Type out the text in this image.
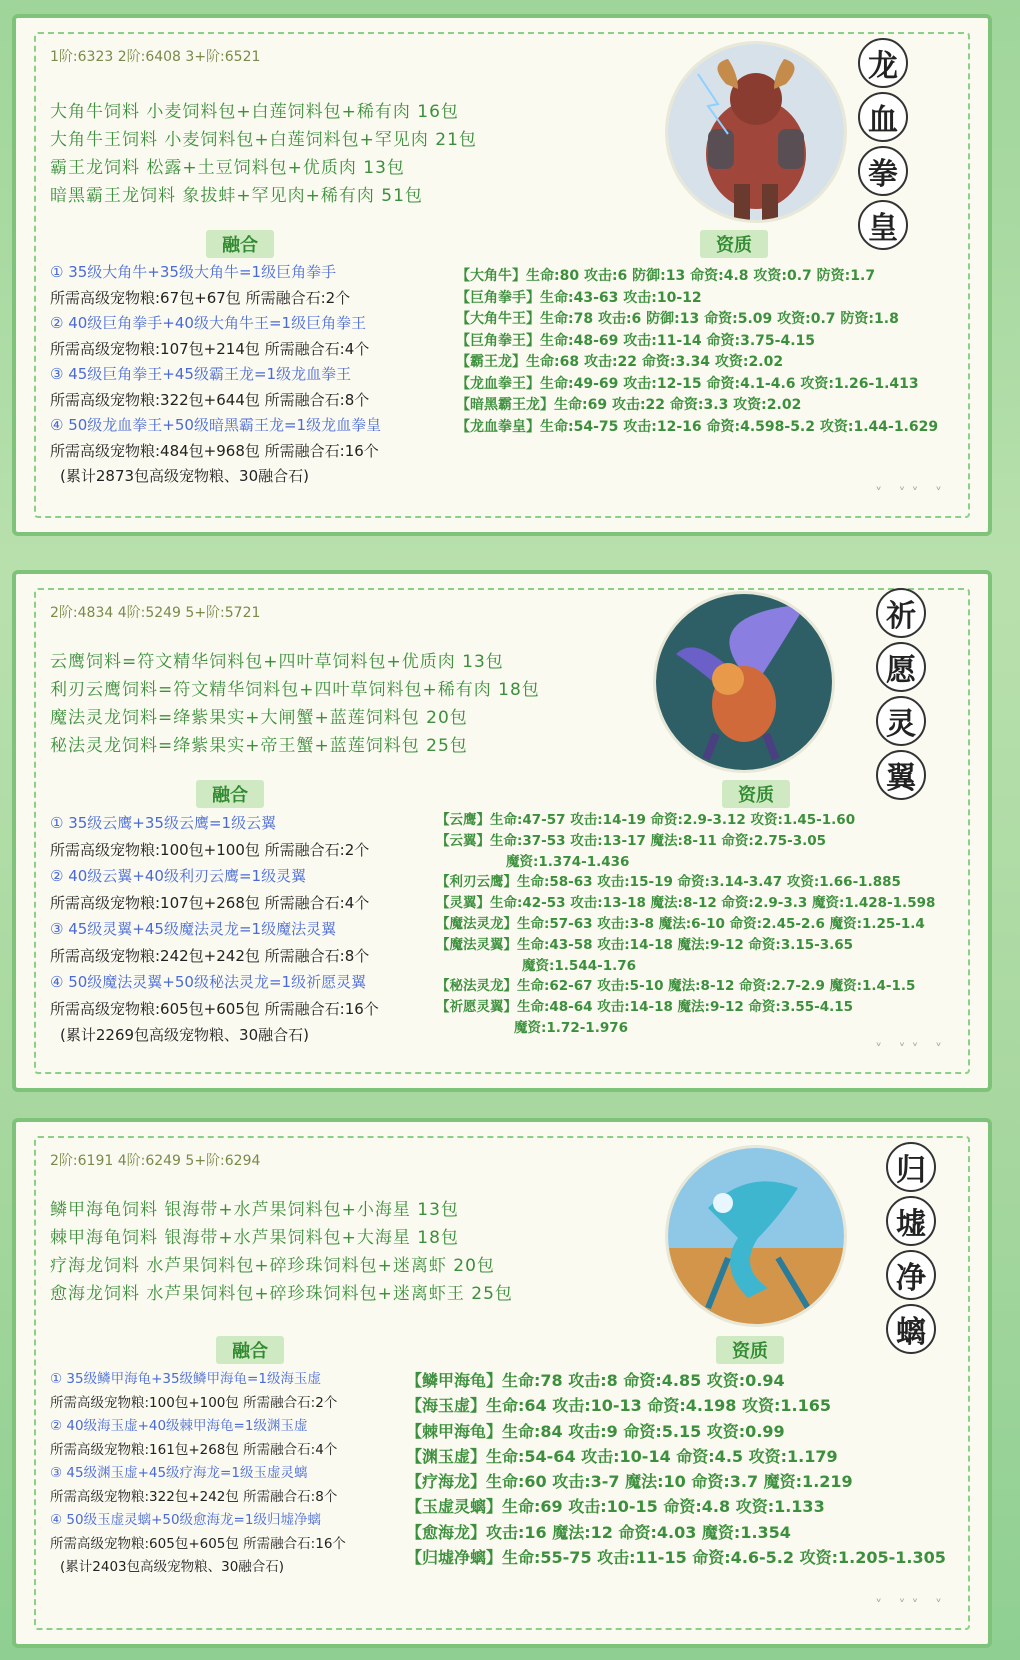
1阶:6323 2阶:6408 3+阶:6521
大角牛饲料 小麦饲料包+白莲饲料包+稀有肉 16包
大角牛王饲料 小麦饲料包+白莲饲料包+罕见肉 21包
霸王龙饲料 松露+土豆饲料包+优质肉 13包
暗黑霸王龙饲料 象拔蚌+罕见肉+稀有肉 51包
融合	资质
① 35级大角牛+35级大角牛=1级巨角拳手
所需高级宠物粮:67包+67包 所需融合石:2个
② 40级巨角拳手+40级大角牛王=1级巨角拳王
所需高级宠物粮:107包+214包 所需融合石:4个
③ 45级巨角拳王+45级霸王龙=1级龙血拳王
所需高级宠物粮:322包+644包 所需融合石:8个
④ 50级龙血拳王+50级暗黑霸王龙=1级龙血拳皇
所需高级宠物粮:484包+968包 所需融合石:16个
(累计2873包高级宠物粮、30融合石)
【大角牛】生命:80 攻击:6 防御:13 命资:4.8 攻资:0.7 防资:1.7
【巨角拳手】生命:43-63 攻击:10-12
【大角牛王】生命:78 攻击:6 防御:13 命资:5.09 攻资:0.7 防资:1.8
【巨角拳王】生命:48-69 攻击:11-14 命资:3.75-4.15
【霸王龙】生命:68 攻击:22 命资:3.34 攻资:2.02
【龙血拳王】生命:49-69 攻击:12-15 命资:4.1-4.6 攻资:1.26-1.413
【暗黑霸王龙】生命:69 攻击:22 命资:3.3 攻资:2.02
【龙血拳皇】生命:54-75 攻击:12-16 命资:4.598-5.2 攻资:1.44-1.629
龙
血
拳
皇
˅ ˅˅ ˅
2阶:4834 4阶:5249 5+阶:5721
云鹰饲料=符文精华饲料包+四叶草饲料包+优质肉 13包
利刃云鹰饲料=符文精华饲料包+四叶草饲料包+稀有肉 18包
魔法灵龙饲料=绛紫果实+大闸蟹+蓝莲饲料包 20包
秘法灵龙饲料=绛紫果实+帝王蟹+蓝莲饲料包 25包
融合	资质
① 35级云鹰+35级云鹰=1级云翼
所需高级宠物粮:100包+100包 所需融合石:2个
② 40级云翼+40级利刃云鹰=1级灵翼
所需高级宠物粮:107包+268包 所需融合石:4个
③ 45级灵翼+45级魔法灵龙=1级魔法灵翼
所需高级宠物粮:242包+242包 所需融合石:8个
④ 50级魔法灵翼+50级秘法灵龙=1级祈愿灵翼
所需高级宠物粮:605包+605包 所需融合石:16个
(累计2269包高级宠物粮、30融合石)
【云鹰】生命:47-57 攻击:14-19 命资:2.9-3.12 攻资:1.45-1.60
【云翼】生命:37-53 攻击:13-17 魔法:8-11 命资:2.75-3.05
魔资:1.374-1.436
【利刃云鹰】生命:58-63 攻击:15-19 命资:3.14-3.47 攻资:1.66-1.885
【灵翼】生命:42-53 攻击:13-18 魔法:8-12 命资:2.9-3.3 魔资:1.428-1.598
【魔法灵龙】生命:57-63 攻击:3-8 魔法:6-10 命资:2.45-2.6 魔资:1.25-1.4
【魔法灵翼】生命:43-58 攻击:14-18 魔法:9-12 命资:3.15-3.65
魔资:1.544-1.76
【秘法灵龙】生命:62-67 攻击:5-10 魔法:8-12 命资:2.7-2.9 魔资:1.4-1.5
【祈愿灵翼】生命:48-64 攻击:14-18 魔法:9-12 命资:3.55-4.15
魔资:1.72-1.976
祈
愿
灵
翼
˅ ˅˅ ˅
2阶:6191 4阶:6249 5+阶:6294
鳞甲海龟饲料 银海带+水芦果饲料包+小海星 13包
棘甲海龟饲料 银海带+水芦果饲料包+大海星 18包
疗海龙饲料 水芦果饲料包+碎珍珠饲料包+迷离虾 20包
愈海龙饲料 水芦果饲料包+碎珍珠饲料包+迷离虾王 25包
融合	资质
① 35级鳞甲海龟+35级鳞甲海龟=1级海玉虚
所需高级宠物粮:100包+100包 所需融合石:2个
② 40级海玉虚+40级棘甲海龟=1级渊玉虚
所需高级宠物粮:161包+268包 所需融合石:4个
③ 45级渊玉虚+45级疗海龙=1级玉虚灵螭
所需高级宠物粮:322包+242包 所需融合石:8个
④ 50级玉虚灵螭+50级愈海龙=1级归墟净螭
所需高级宠物粮:605包+605包 所需融合石:16个
(累计2403包高级宠物粮、30融合石)
【鳞甲海龟】生命:78 攻击:8 命资:4.85 攻资:0.94
【海玉虚】生命:64 攻击:10-13 命资:4.198 攻资:1.165
【棘甲海龟】生命:84 攻击:9 命资:5.15 攻资:0.99
【渊玉虚】生命:54-64 攻击:10-14 命资:4.5 攻资:1.179
【疗海龙】生命:60 攻击:3-7 魔法:10 命资:3.7 魔资:1.219
【玉虚灵螭】生命:69 攻击:10-15 命资:4.8 攻资:1.133
【愈海龙】攻击:16 魔法:12 命资:4.03 魔资:1.354
【归墟净螭】生命:55-75 攻击:11-15 命资:4.6-5.2 攻资:1.205-1.305
归
墟
净
螭
˅ ˅˅ ˅
